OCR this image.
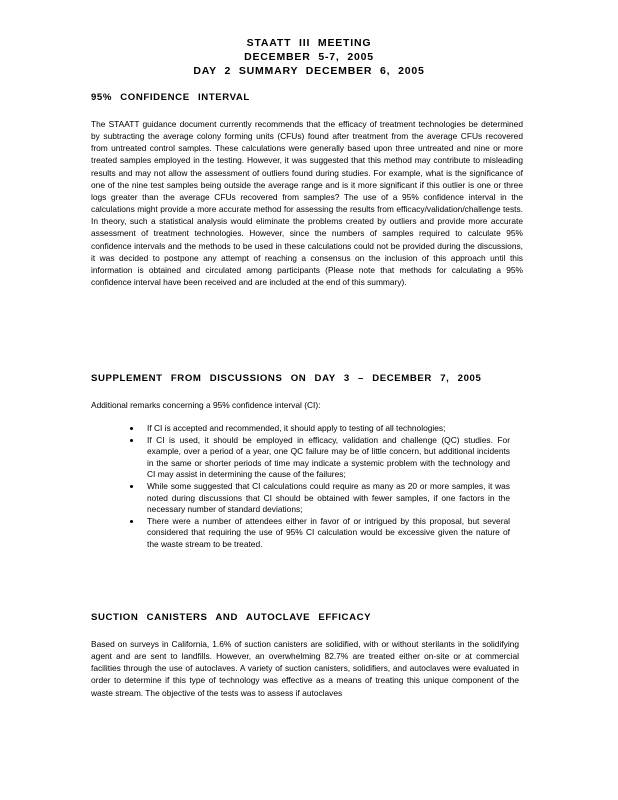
STAATT III MEETING
DECEMBER 5-7, 2005
DAY 2 SUMMARY DECEMBER 6, 2005
95% CONFIDENCE INTERVAL
The STAATT guidance document currently recommends that the efficacy of treatment technologies be determined by subtracting the average colony forming units (CFUs) found after treatment from the average CFUs recovered from untreated control samples. These calculations were generally based upon three untreated and nine or more treated samples employed in the testing. However, it was suggested that this method may contribute to misleading results and may not allow the assessment of outliers found during studies. For example, what is the significance of one of the nine test samples being outside the average range and is it more significant if this outlier is one or three logs greater than the average CFUs recovered from samples? The use of a 95% confidence interval in the calculations might provide a more accurate method for assessing the results from efficacy/validation/challenge tests. In theory, such a statistical analysis would eliminate the problems created by outliers and provide more accurate assessment of treatment technologies. However, since the numbers of samples required to calculate 95% confidence intervals and the methods to be used in these calculations could not be provided during the discussions, it was decided to postpone any attempt of reaching a consensus on the inclusion of this approach until this information is obtained and circulated among participants (Please note that methods for calculating a 95% confidence interval have been received and are included at the end of this summary).
SUPPLEMENT FROM DISCUSSIONS ON DAY 3 – DECEMBER 7, 2005
Additional remarks concerning a 95% confidence interval (CI):
If CI is accepted and recommended, it should apply to testing of all technologies;
If CI is used, it should be employed in efficacy, validation and challenge (QC) studies. For example, over a period of a year, one QC failure may be of little concern, but additional incidents in the same or shorter periods of time may indicate a systemic problem with the technology and CI may assist in determining the cause of the failures;
While some suggested that CI calculations could require as many as 20 or more samples, it was noted during discussions that CI should be obtained with fewer samples, if one factors in the necessary number of standard deviations;
There were a number of attendees either in favor of or intrigued by this proposal, but several considered that requiring the use of 95% CI calculation would be excessive given the nature of the waste stream to be treated.
SUCTION CANISTERS AND AUTOCLAVE EFFICACY
Based on surveys in California, 1.6% of suction canisters are solidified, with or without sterilants in the solidifying agent and are sent to landfills. However, an overwhelming 82.7% are treated either on-site or at commercial facilities through the use of autoclaves. A variety of suction canisters, solidifiers, and autoclaves were evaluated in order to determine if this type of technology was effective as a means of treating this unique component of the waste stream. The objective of the tests was to assess if autoclaves
